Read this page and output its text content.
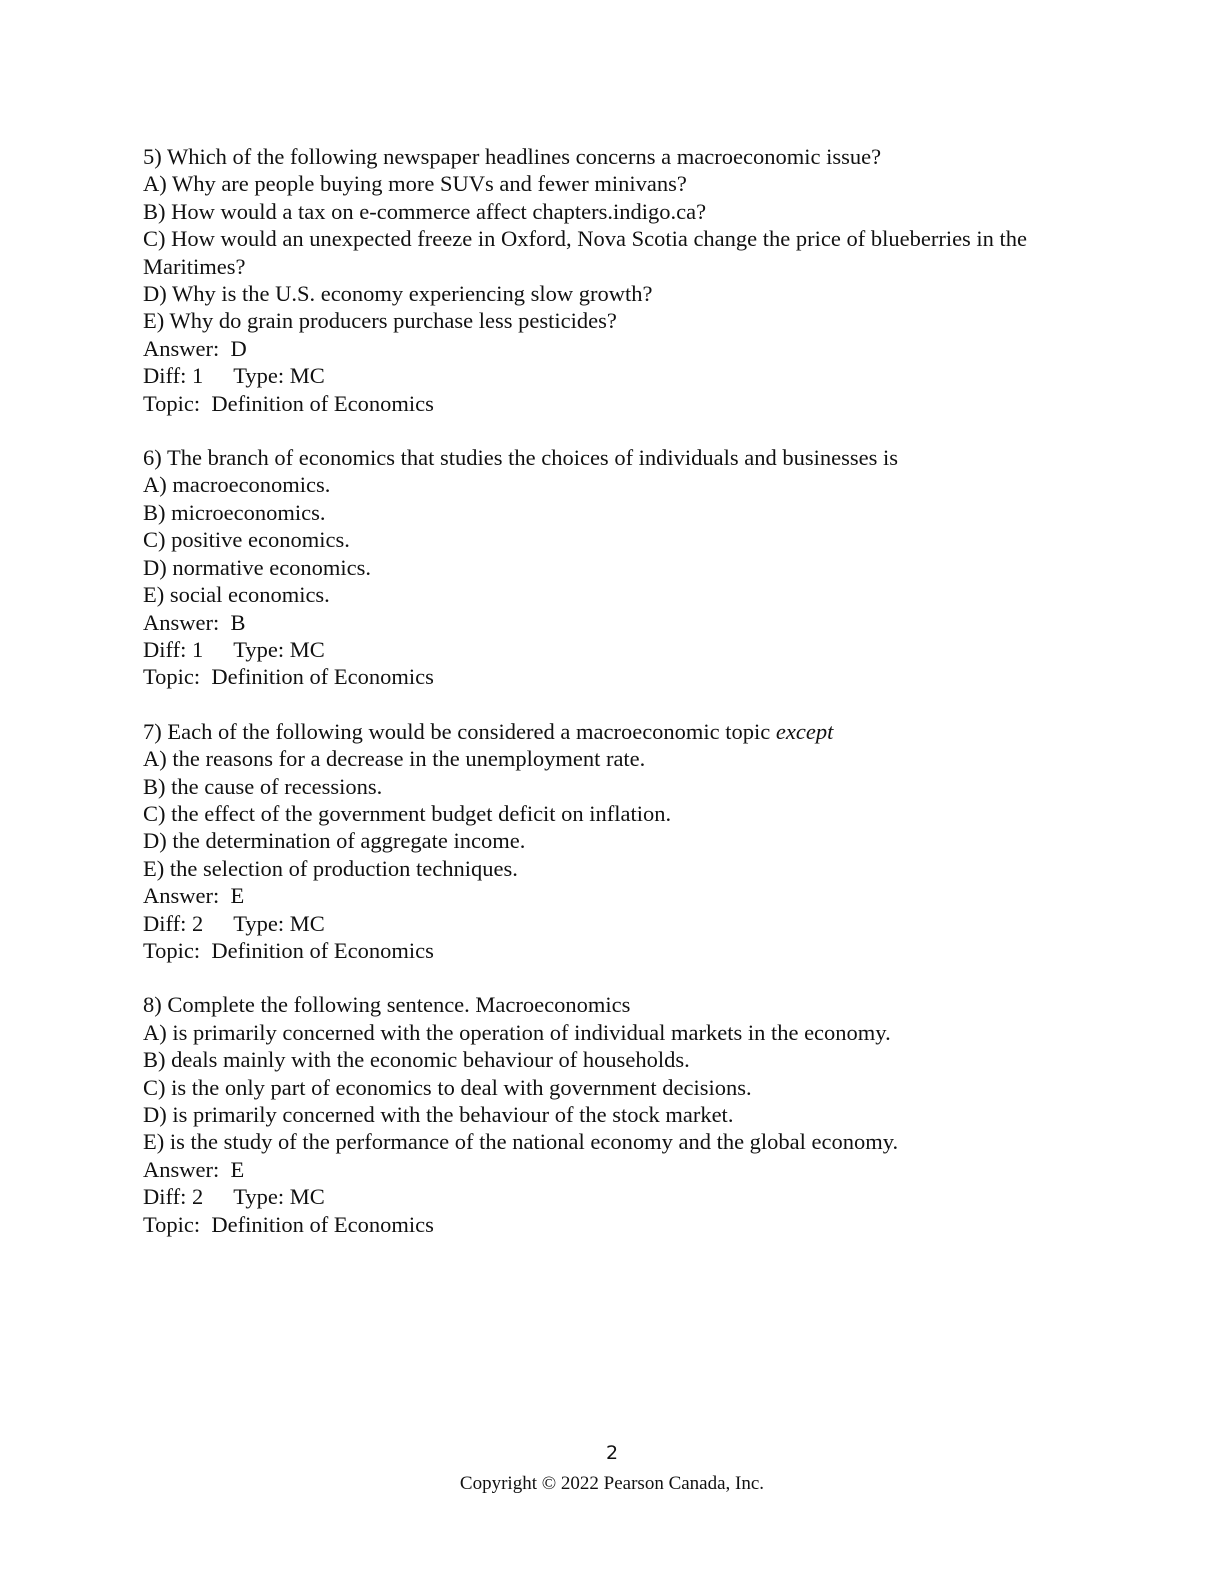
5) Which of the following newspaper headlines concerns a macroeconomic issue?

A) Why are people buying more SUVs and fewer minivans?

B) How would a tax on e-commerce affect chapters.indigo.ca?

C) How would an unexpected freeze in Oxford, Nova Scotia change the price of blueberries in the Maritimes?

D) Why is the U.S. economy experiencing slow growth?

E) Why do grain producers purchase less pesticides?

Answer:  D

Diff: 1 Type: MC

Topic:  Definition of Economics

6) The branch of economics that studies the choices of individuals and businesses is

A) macroeconomics.

B) microeconomics.

C) positive economics.

D) normative economics.

E) social economics.

Answer:  B

Diff: 1 Type: MC

Topic:  Definition of Economics

7) Each of the following would be considered a macroeconomic topic except

A) the reasons for a decrease in the unemployment rate.

B) the cause of recessions.

C) the effect of the government budget deficit on inflation.

D) the determination of aggregate income.

E) the selection of production techniques.

Answer:  E

Diff: 2 Type: MC

Topic:  Definition of Economics

8) Complete the following sentence. Macroeconomics

A) is primarily concerned with the operation of individual markets in the economy.

B) deals mainly with the economic behaviour of households.

C) is the only part of economics to deal with government decisions.

D) is primarily concerned with the behaviour of the stock market.

E) is the study of the performance of the national economy and the global economy.

Answer:  E

Diff: 2 Type: MC

Topic:  Definition of Economics

2
Copyright © 2022 Pearson Canada, Inc.
